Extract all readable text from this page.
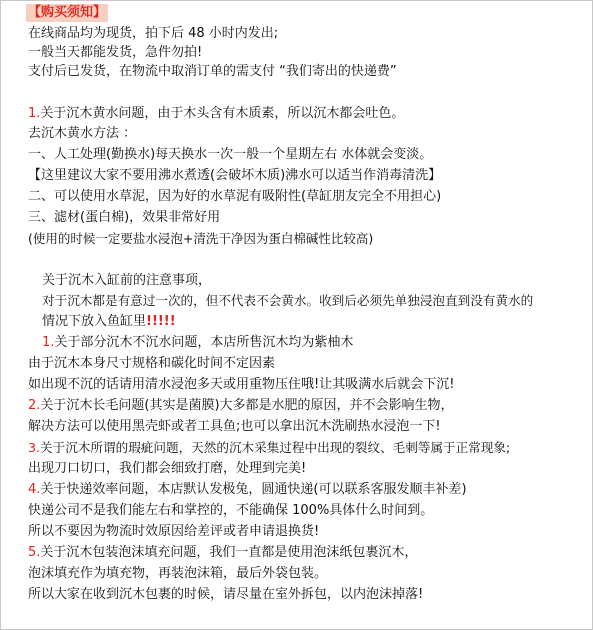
【购买须知】
在线商品均为现货，拍下后 48 小时内发出;
一般当天都能发货，急件勿拍!
支付后已发货，在物流中取消订单的需支付 “我们寄出的快递费”
1.关于沉木黄水问题，由于木头含有木质素，所以沉木都会吐色。
去沉木黄水方法 ：
一、人工处理(勤换水)每天换水一次一般一个星期左右 水体就会变淡。
【这里建议大家不要用沸水煮透(会破坏木质)沸水可以适当作消毒清洗】
二、可以使用水草泥，因为好的水草泥有吸附性(草缸朋友完全不用担心)
三、滤材(蛋白棉)，效果非常好用
(使用的时候一定要盐水浸泡+清洗干净因为蛋白棉碱性比较高)
关于沉木入缸前的注意事项，
对于沉木都是有意过一次的，但不代表不会黄水。收到后必须先单独浸泡直到没有黄水的
情况下放入鱼缸里!!!!!
1.关于部分沉木不沉水问题，本店所售沉木均为紫柚木
由于沉木本身尺寸规格和碳化时间不定因素
如出现不沉的话请用清水浸泡多天或用重物压住哦!让其吸满水后就会下沉!
2.关于沉木长毛问题(其实是菌膜)大多都是水肥的原因，并不会影响生物，
解决方法可以使用黑壳虾或者工具鱼;也可以拿出沉木洗刷热水浸泡一下!
3.关于沉木所谓的瑕疵问题，天然的沉木采集过程中出现的裂纹、毛刺等属于正常现象;
出现刀口切口，我们都会细致打磨，处理到完美!
4.关于快递效率问题，本店默认发极兔，圆通快递(可以联系客服发顺丰补差)
快递公司不是我们能左右和掌控的，不能确保 100%具体什么时间到。
所以不要因为物流时效原因给差评或者申请退换货!
5.关于沉木包装泡沫填充问题，我们一直都是使用泡沫纸包裹沉木，
泡沫填充作为填充物，再装泡沫箱，最后外袋包装。
所以大家在收到沉木包裹的时候，请尽量在室外拆包，以内泡沫掉落!
